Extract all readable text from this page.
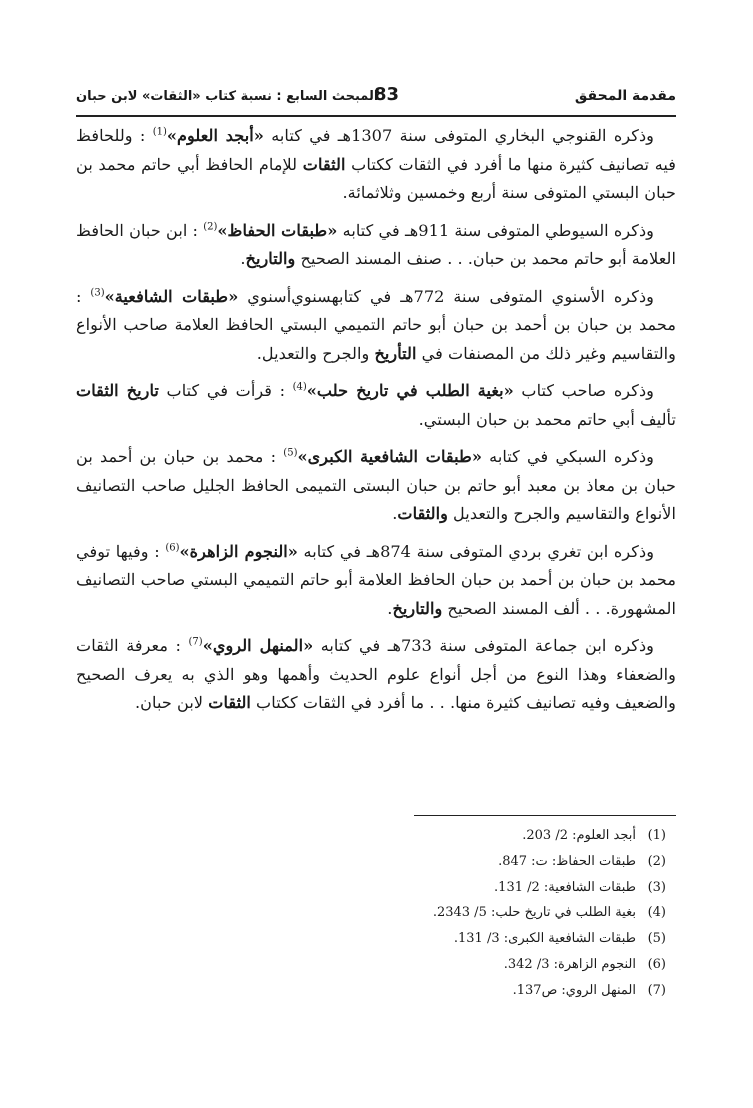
مقدمة المحقق
83
المبحث السابع : نسبة كتاب «الثقات» لابن حبان

وذكره القنوجي البخاري المتوفى سنة 1307هـ في كتابه «أبجد العلوم»$^{(1)}$ : وللحافظ فيه تصانيف كثيرة منها ما أفرد في الثقات ككتاب الثقات للإمام الحافظ أبي حاتم محمد بن حبان البستي المتوفى سنة أربع وخمسين وثلاثمائة.

وذكره السيوطي المتوفى سنة 911هـ في كتابه «طبقات الحفاظ»$^{(2)}$ : ابن حبان الحافظ العلامة أبو حاتم محمد بن حبان. . . صنف المسند الصحيح والتاريخ.

وذكره الأسنوي المتوفى سنة 772هـ في كتابهسنوي‌أسنوي «طبقات الشافعية»$^{(3)}$ : محمد بن حبان بن أحمد بن حبان أبو حاتم التميمي البستي الحافظ العلامة صاحب الأنواع والتقاسيم وغير ذلك من المصنفات في التأريخ والجرح والتعديل.

وذكره صاحب كتاب «بغية الطلب في تاريخ حلب»$^{(4)}$ : قرأت في كتاب تاريخ الثقات تأليف أبي حاتم محمد بن حبان البستي.

وذكره السبكي في كتابه «طبقات الشافعية الكبرى»$^{(5)}$ : محمد بن حبان بن أحمد بن حبان بن معاذ بن معبد أبو حاتم بن حبان البستى التميمى الحافظ الجليل صاحب التصانيف الأنواع والتقاسيم والجرح والتعديل والثقات.

وذكره ابن تغري بردي المتوفى سنة 874هـ في كتابه «النجوم الزاهرة»$^{(6)}$ : وفيها توفي محمد بن حبان بن أحمد بن حبان الحافظ العلامة أبو حاتم التميمي البستي صاحب التصانيف المشهورة. . . ألف المسند الصحيح والتاريخ.

وذكره ابن جماعة المتوفى سنة 733هـ في كتابه «المنهل الروي»$^{(7)}$ : معرفة الثقات والضعفاء وهذا النوع من أجل أنواع علوم الحديث وأهمها وهو الذي به يعرف الصحيح والضعيف وفيه تصانيف كثيرة منها. . . ما أفرد في الثقات ككتاب الثقات لابن حبان.

(1)
أبجد العلوم: 2/ 203.
(2)
طبقات الحفاظ: ت: 847.
(3)
طبقات الشافعية: 2/ 131.
(4)
بغية الطلب في تاريخ حلب: 5/ 2343.
(5)
طبقات الشافعية الكبرى: 3/ 131.
(6)
النجوم الزاهرة: 3/ 342.
(7)
المنهل الروي: ص137.
